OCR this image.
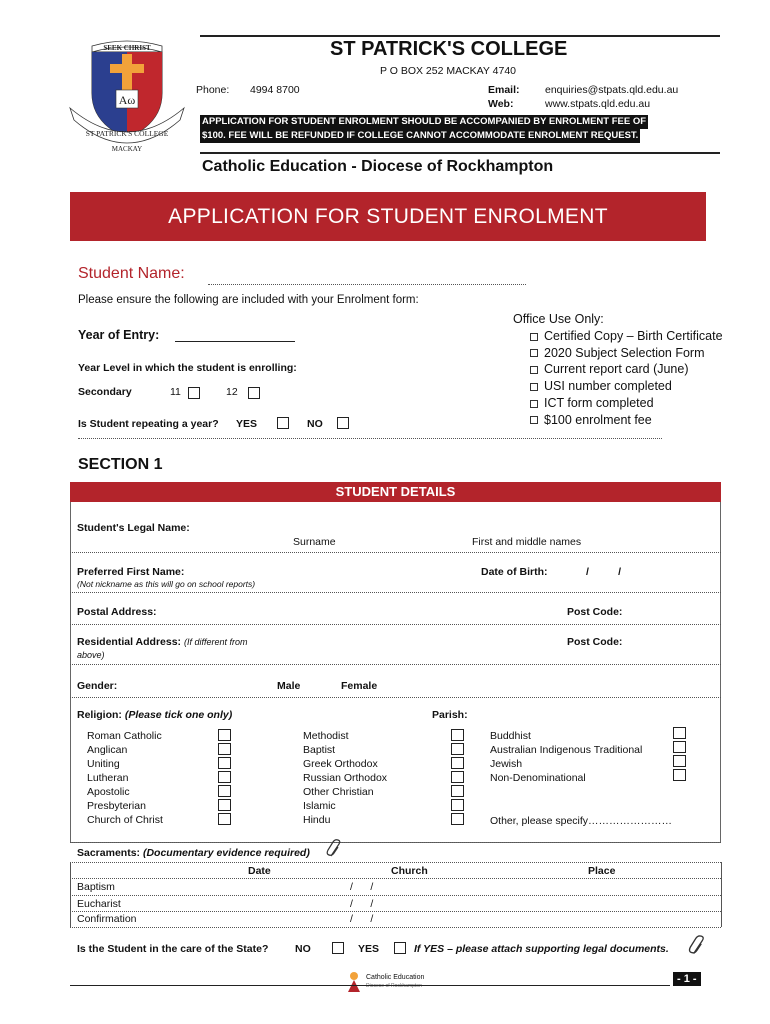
Aω
SEEK CHRIST
ST PATRICK'S COLLEGE
MACKAY
ST PATRICK'S COLLEGE
P O BOX 252 MACKAY 4740
Phone: 4994 8700	Email: enquiries@stpats.qld.edu.au
Web:	www.stpats.qld.edu.au
APPLICATION FOR STUDENT ENROLMENT SHOULD BE ACCOMPANIED BY ENROLMENT FEE OF
$100. FEE WILL BE REFUNDED IF COLLEGE CANNOT ACCOMMODATE ENROLMENT REQUEST.
Catholic Education - Diocese of Rockhampton
APPLICATION FOR STUDENT ENROLMENT
Student Name:
Please ensure the following are included with your Enrolment form:
Office Use Only:
Certified Copy – Birth Certificate
2020 Subject Selection Form
Current report card (June)
USI number completed
ICT form completed
$100 enrolment fee
Year of Entry:
Year Level in which the student is enrolling:
Secondary	11	12
Is Student repeating a year? YES	NO
SECTION 1
STUDENT DETAILS
Student's Legal Name:
Surname	First and middle names
Preferred First Name:	Date of Birth:	/          /
(Not nickname as this will go on school reports)
Postal Address:	Post Code:
Residential Address: (If different from
above)
Post Code:
Gender:	Male	Female
Religion: (Please tick one only)	Parish:
Roman Catholic
Anglican
Uniting
Lutheran
Apostolic
Presbyterian
Church of Christ
Methodist
Baptist
Greek Orthodox
Russian Orthodox
Other Christian
Islamic
Hindu
Buddhist
Australian Indigenous Traditional
Jewish
Non-Denominational
Other, please specify……………………
Sacraments: (Documentary evidence required)
Date	Church	Place
Baptism	/      /
Eucharist	/      /
Confirmation	/      /
Is the Student in the care of the State?	NO	YES	If YES – please attach supporting legal documents.
Catholic Education
Diocese of Rockhampton
- 1 -
